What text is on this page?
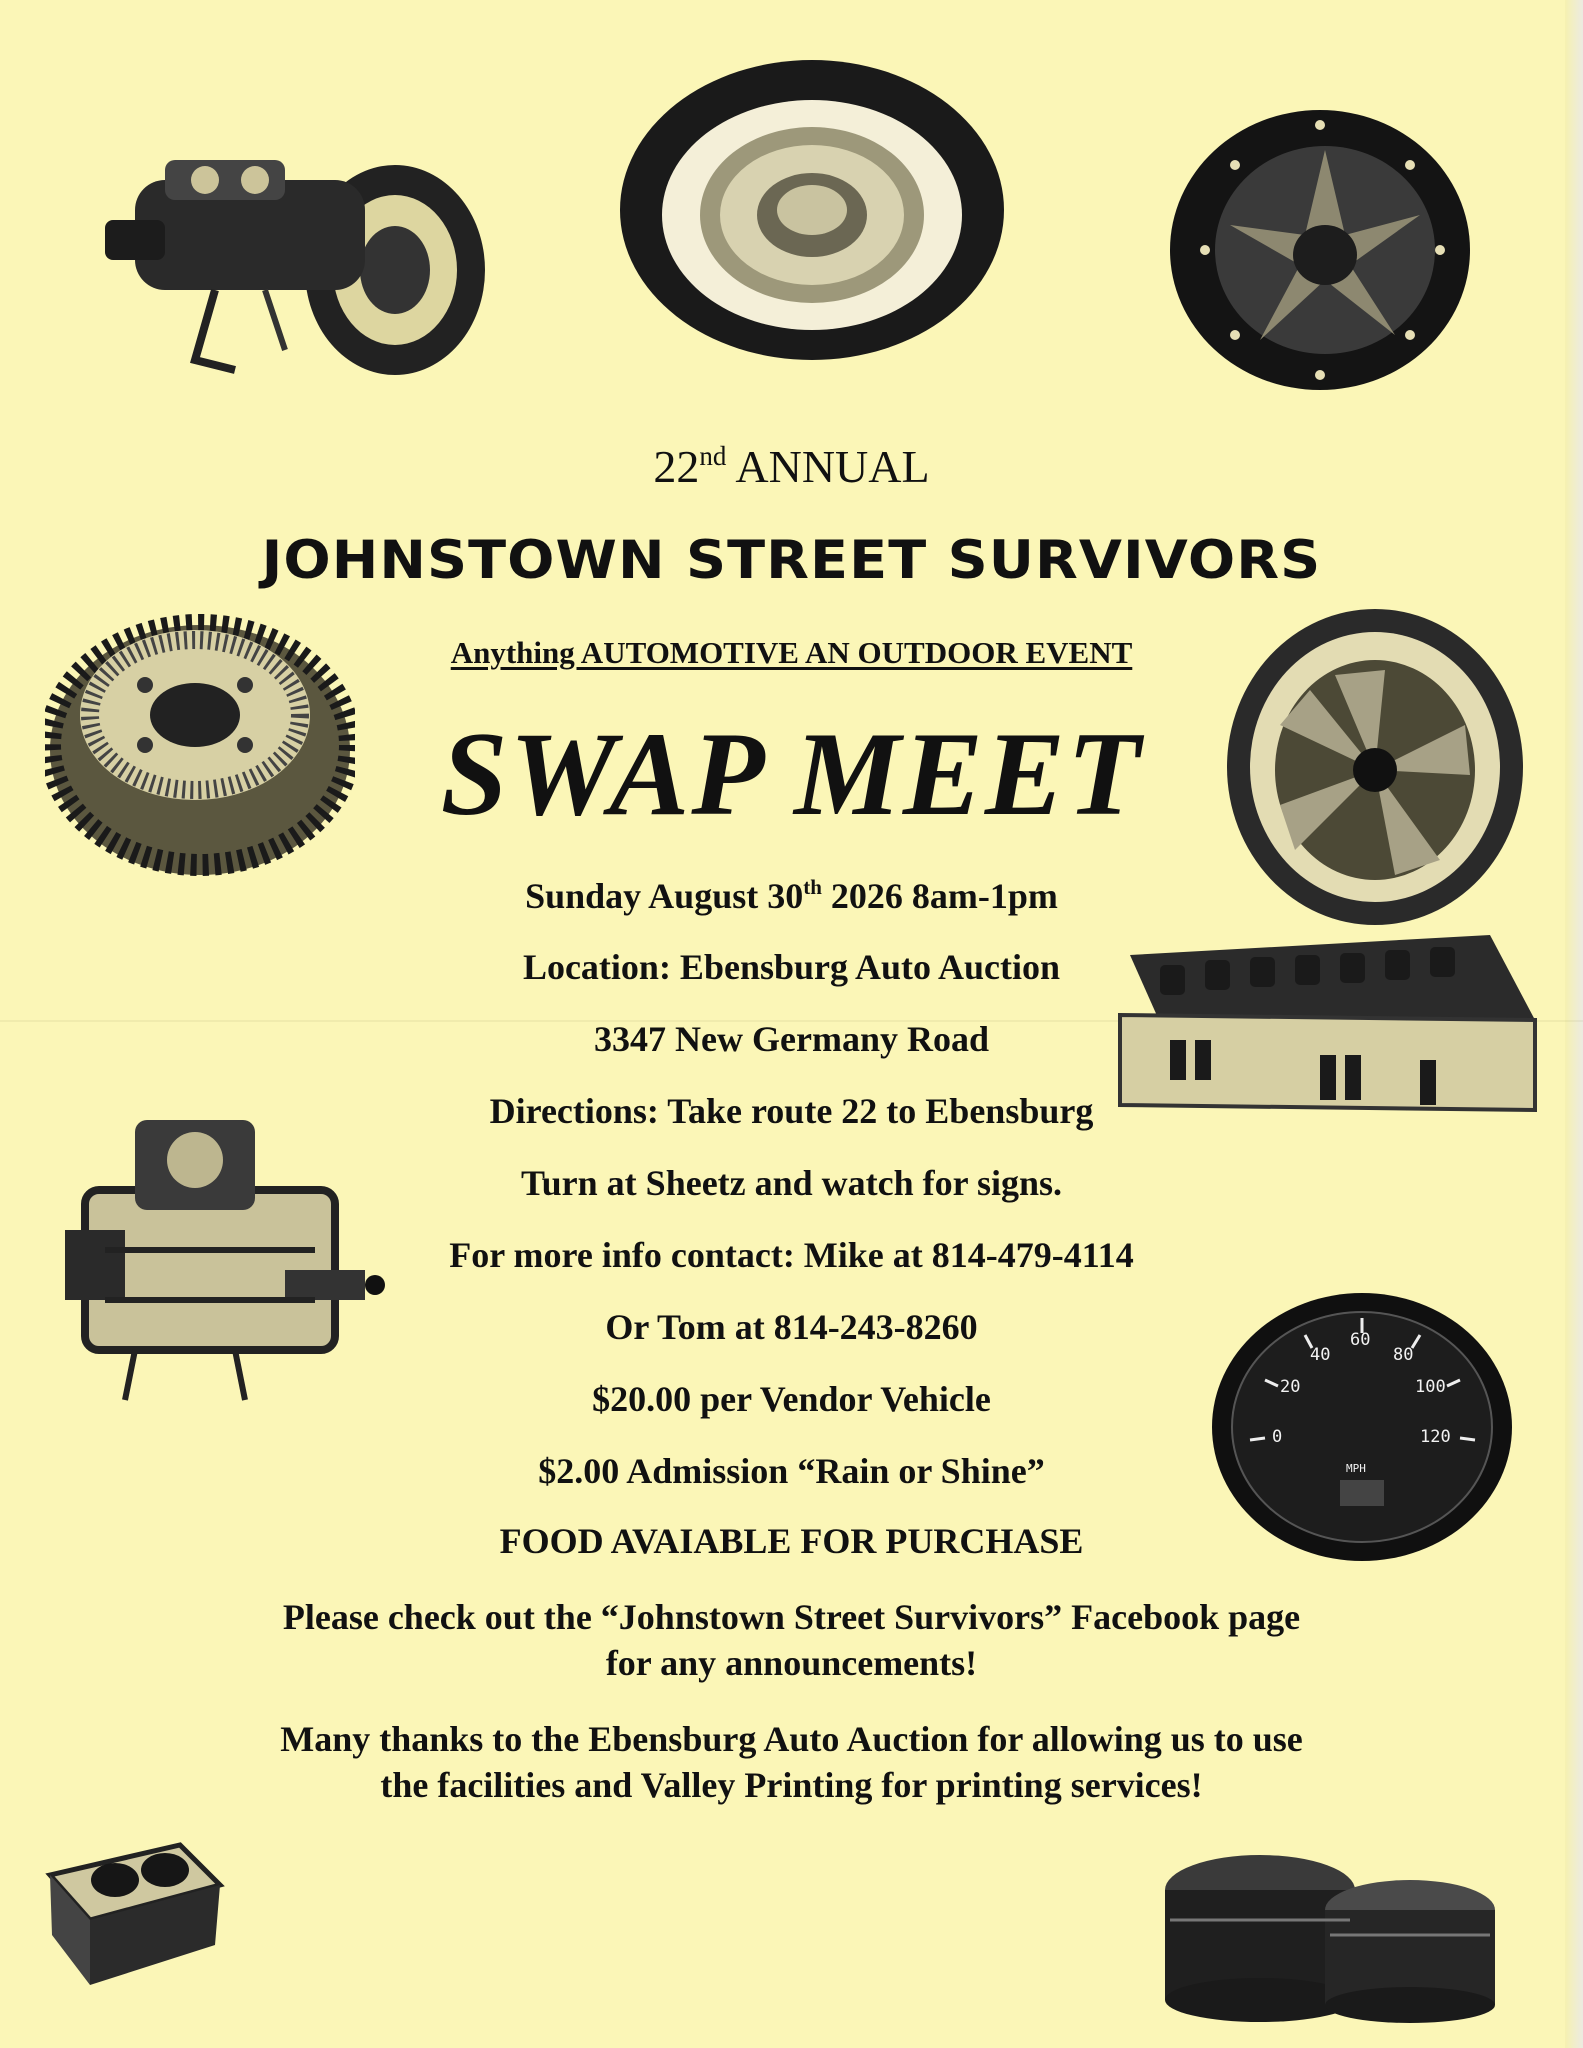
0
20
40
60
80
100
120
MPH
22nd ANNUAL
JOHNSTOWN STREET SURVIVORS
Anything AUTOMOTIVE AN OUTDOOR EVENT
SWAP MEET
Sunday August 30th 2026 8am-1pm
Location: Ebensburg Auto Auction
3347 New Germany Road
Directions: Take route 22 to Ebensburg
Turn at Sheetz and watch for signs.
For more info contact: Mike at 814-479-4114
Or Tom at 814-243-8260
$20.00 per Vendor Vehicle
$2.00 Admission “Rain or Shine”
FOOD AVAIABLE FOR PURCHASE
Please check out the “Johnstown Street Survivors” Facebook page
for any announcements!
Many thanks to the Ebensburg Auto Auction for allowing us to use
the facilities and Valley Printing for printing services!
